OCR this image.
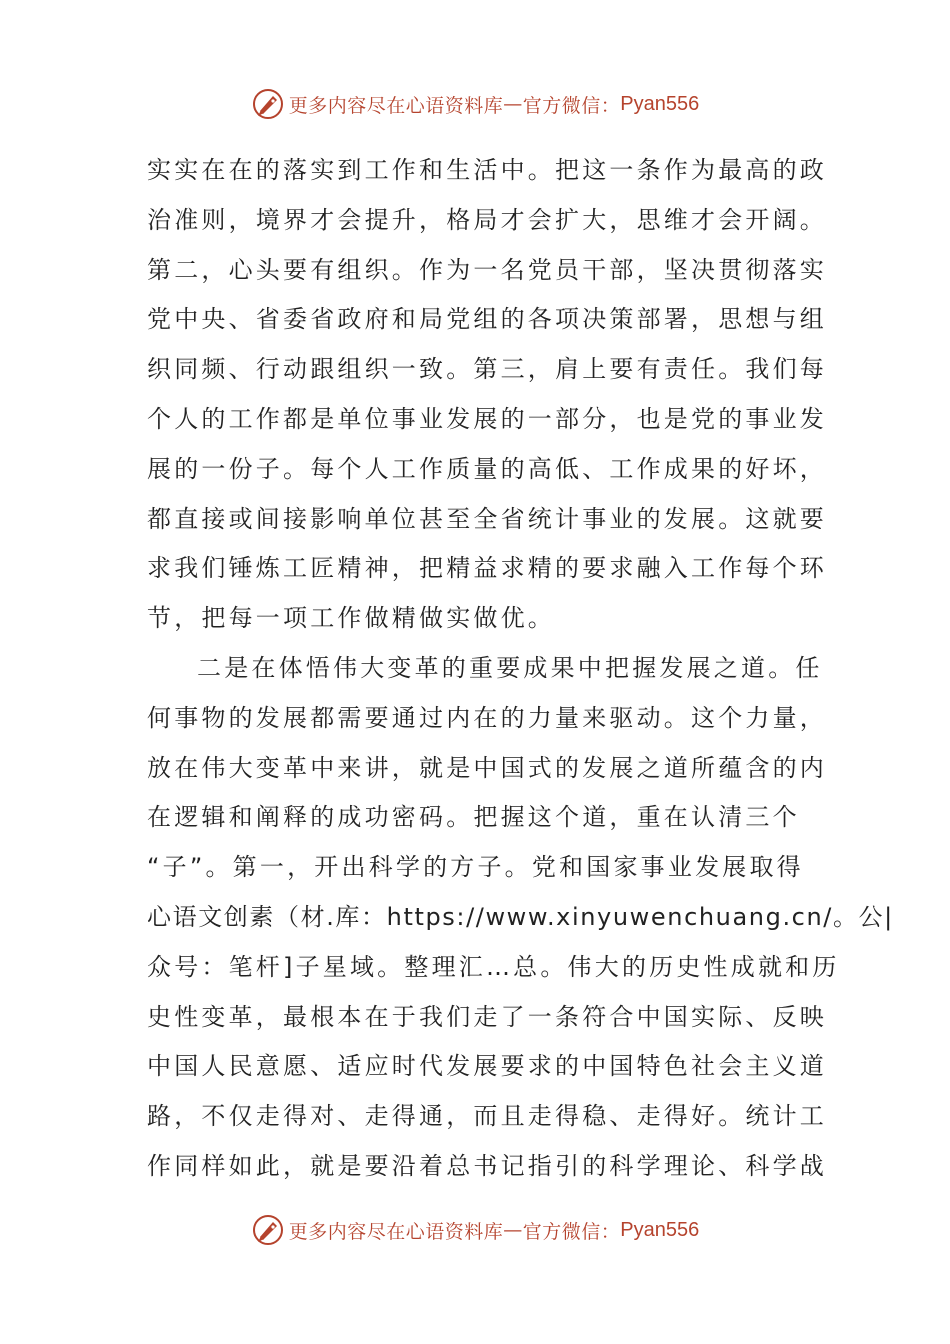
更多内容尽在心语资料库 — 官方微信： Pyan556
实实在在的落实到工作和生活中。把这一条作为最高的政
治准则，境界才会提升，格局才会扩大，思维才会开阔。
第二，心头要有组织。作为一名党员干部，坚决贯彻落实
党中央、省委省政府和局党组的各项决策部署，思想与组
织同频、行动跟组织一致。第三，肩上要有责任。我们每
个人的工作都是单位事业发展的一部分，也是党的事业发
展的一份子。每个人工作质量的高低、工作成果的好坏，
都直接或间接影响单位甚至全省统计事业的发展。这就要
求我们锤炼工匠精神，把精益求精的要求融入工作每个环
节，把每一项工作做精做实做优。
二是在体悟伟大变革的重要成果中把握发展之道。任
何事物的发展都需要通过内在的力量来驱动。这个力量，
放在伟大变革中来讲，就是中国式的发展之道所蕴含的内
在逻辑和阐释的成功密码。把握这个道，重在认清三个
“子”。第一，开出科学的方子。党和国家事业发展取得
心语文创素（材.库：https://www.xinyuwenchuang.cn/。公|
众号：笔杆]子星域。整理汇…总。伟大的历史性成就和历
史性变革，最根本在于我们走了一条符合中国实际、反映
中国人民意愿、适应时代发展要求的中国特色社会主义道
路，不仅走得对、走得通，而且走得稳、走得好。统计工
作同样如此，就是要沿着总书记指引的科学理论、科学战
更多内容尽在心语资料库 — 官方微信： Pyan556
